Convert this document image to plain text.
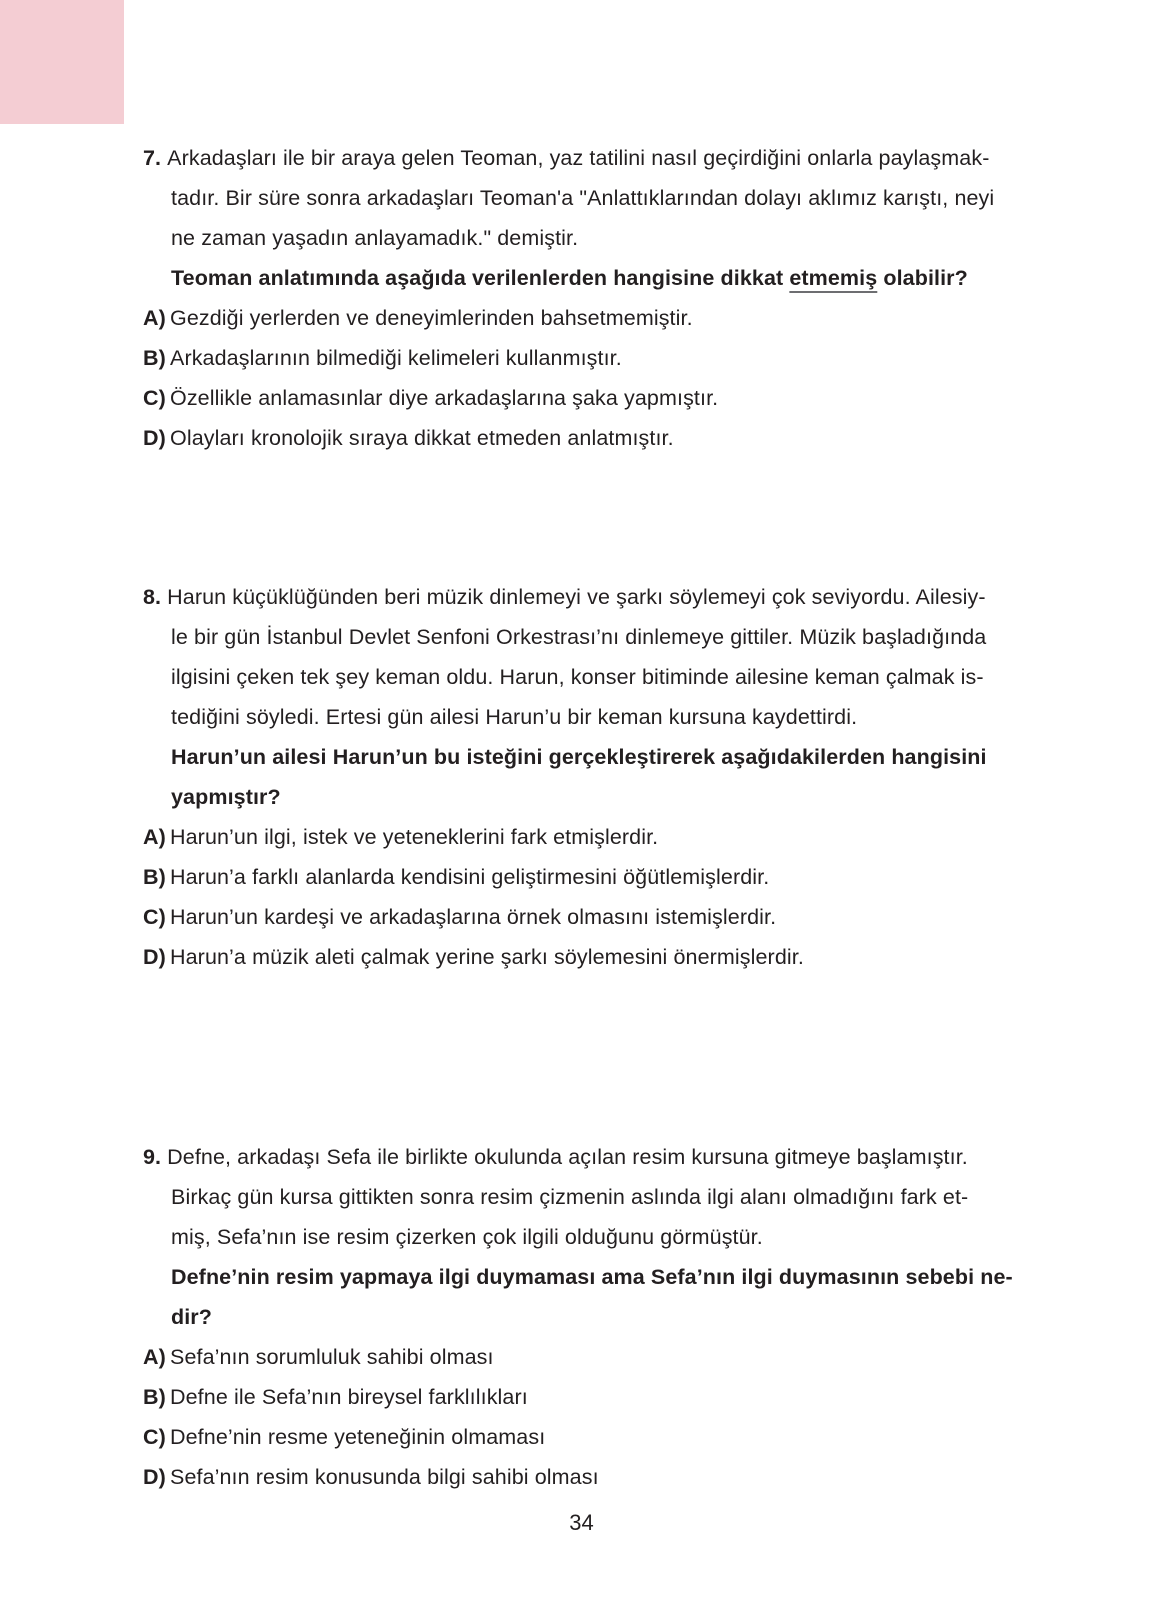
7. Arkadaşları ile bir araya gelen Teoman, yaz tatilini nasıl geçirdiğini onlarla paylaşmak-
tadır. Bir süre sonra arkadaşları Teoman'a "Anlattıklarından dolayı aklımız karıştı, neyi
ne zaman yaşadın anlayamadık." demiştir.
Teoman anlatımında aşağıda verilenlerden hangisine dikkat etmemiş olabilir?
A) Gezdiği yerlerden ve deneyimlerinden bahsetmemiştir.
B) Arkadaşlarının bilmediği kelimeleri kullanmıştır.
C) Özellikle anlamasınlar diye arkadaşlarına şaka yapmıştır.
D) Olayları kronolojik sıraya dikkat etmeden anlatmıştır.
8. Harun küçüklüğünden beri müzik dinlemeyi ve şarkı söylemeyi çok seviyordu. Ailesiy-
le bir gün İstanbul Devlet Senfoni Orkestrası’nı dinlemeye gittiler. Müzik başladığında
ilgisini çeken tek şey keman oldu. Harun, konser bitiminde ailesine keman çalmak is-
tediğini söyledi. Ertesi gün ailesi Harun’u bir keman kursuna kaydettirdi.
Harun’un ailesi Harun’un bu isteğini gerçekleştirerek aşağıdakilerden hangisini
yapmıştır?
A) Harun’un ilgi, istek ve yeteneklerini fark etmişlerdir.
B) Harun’a farklı alanlarda kendisini geliştirmesini öğütlemişlerdir.
C) Harun’un kardeşi ve arkadaşlarına örnek olmasını istemişlerdir.
D) Harun’a müzik aleti çalmak yerine şarkı söylemesini önermişlerdir.
9. Defne, arkadaşı Sefa ile birlikte okulunda açılan resim kursuna gitmeye başlamıştır.
Birkaç gün kursa gittikten sonra resim çizmenin aslında ilgi alanı olmadığını fark et-
miş, Sefa’nın ise resim çizerken çok ilgili olduğunu görmüştür.
Defne’nin resim yapmaya ilgi duymaması ama Sefa’nın ilgi duymasının sebebi ne-
dir?
A) Sefa’nın sorumluluk sahibi olması
B) Defne ile Sefa’nın bireysel farklılıkları
C) Defne’nin resme yeteneğinin olmaması
D) Sefa’nın resim konusunda bilgi sahibi olması
34
